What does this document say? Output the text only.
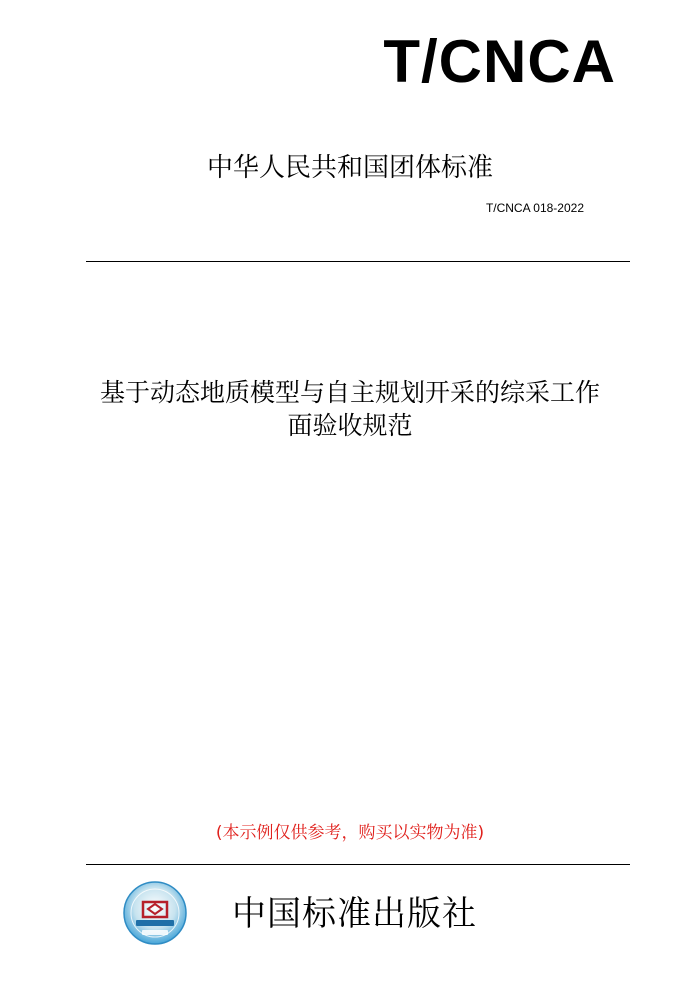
T/CNCA
中华人民共和国团体标准
T/CNCA 018-2022
基于动态地质模型与自主规划开采的综采工作
面验收规范
(本示例仅供参考，购买以实物为准)
中国标准出版社
